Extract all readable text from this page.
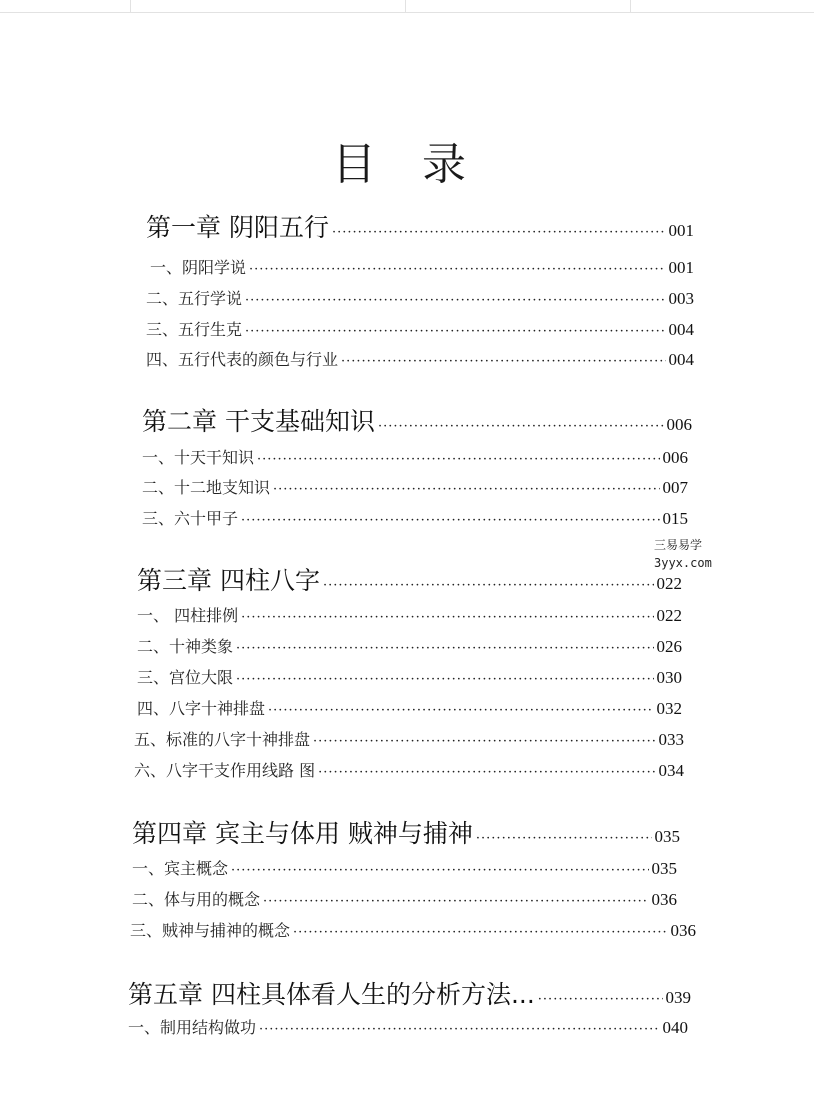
目 录
第一章 阴阳五行 ·····	001
一、阴阳学说 ·····	001
二、五行学说 ·····	003
三、五行生克 ·····	004
四、五行代表的颜色与行业 ·····	004
第二章 干支基础知识 ·····	006
一、十天干知识 ·····	006
二、十二地支知识 ·····	007
三、六十甲子 ·····	015
第三章 四柱八字 ·····	022
一、 四柱排例 ·····	022
二、十神类象 ·····	026
三、宫位大限 ·····	030
四、八字十神排盘 ·····	032
五、标准的八字十神排盘 ·····	033
六、八字干支作用线路 图 ·····	034
第四章 宾主与体用 贼神与捕神 ·····	035
一、宾主概念 ·····	035
二、体与用的概念 ·····	036
三、贼神与捕神的概念 ·····	036
第五章 四柱具体看人生的分析方法... ·····	039
一、制用结构做功 ·····	040
三易易学
3yyx.com
